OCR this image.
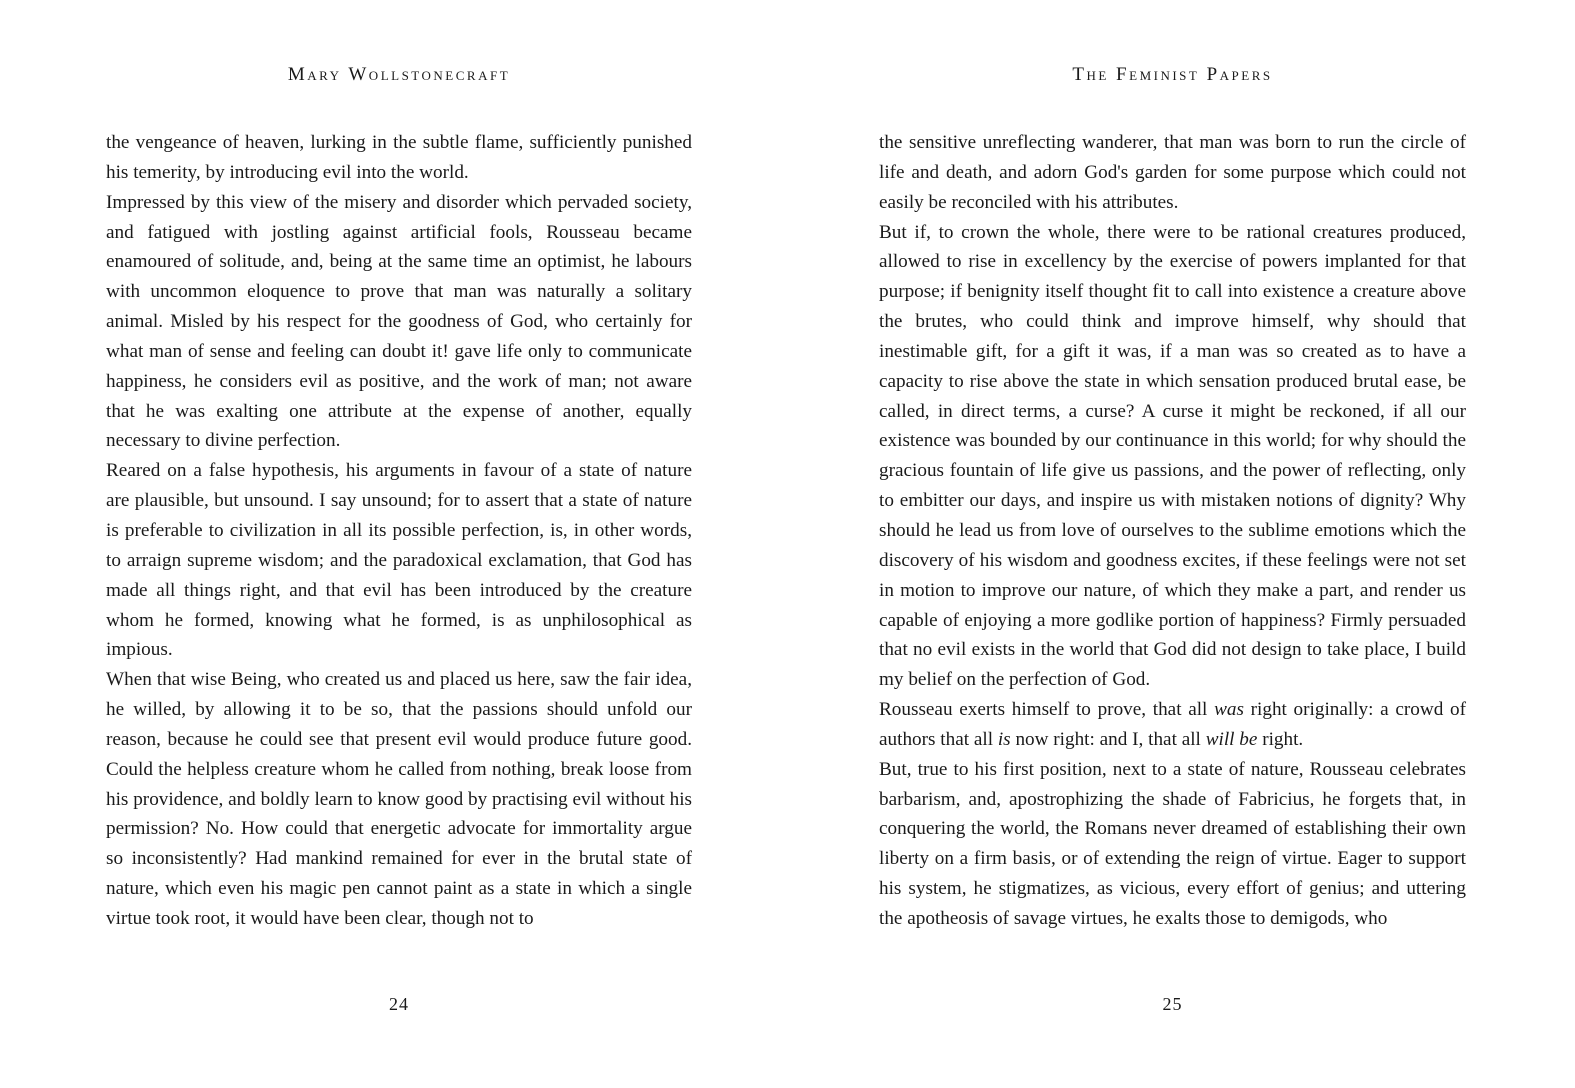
Mary Wollstonecraft

the vengeance of heaven, lurking in the subtle flame, sufficiently punished his temerity, by introducing evil into the world.

Impressed by this view of the misery and disorder which pervaded society, and fatigued with jostling against artificial fools, Rousseau became enamoured of solitude, and, being at the same time an optimist, he labours with uncommon eloquence to prove that man was naturally a solitary animal. Misled by his respect for the goodness of God, who certainly for what man of sense and feeling can doubt it! gave life only to communicate happiness, he considers evil as positive, and the work of man; not aware that he was exalting one attribute at the expense of another, equally necessary to divine perfection.

Reared on a false hypothesis, his arguments in favour of a state of nature are plausible, but unsound. I say unsound; for to assert that a state of nature is preferable to civilization in all its possible perfection, is, in other words, to arraign supreme wisdom; and the paradoxical exclamation, that God has made all things right, and that evil has been introduced by the creature whom he formed, knowing what he formed, is as unphilosophical as impious.

When that wise Being, who created us and placed us here, saw the fair idea, he willed, by allowing it to be so, that the passions should unfold our reason, because he could see that present evil would produce future good. Could the helpless creature whom he called from nothing, break loose from his providence, and boldly learn to know good by practising evil without his permission? No. How could that energetic advocate for immortality argue so inconsistently? Had mankind remained for ever in the brutal state of nature, which even his magic pen cannot paint as a state in which a single virtue took root, it would have been clear, though not to

24
The Feminist Papers

the sensitive unreflecting wanderer, that man was born to run the circle of life and death, and adorn God's garden for some purpose which could not easily be reconciled with his attributes.

But if, to crown the whole, there were to be rational creatures produced, allowed to rise in excellency by the exercise of powers implanted for that purpose; if benignity itself thought fit to call into existence a creature above the brutes, who could think and improve himself, why should that inestimable gift, for a gift it was, if a man was so created as to have a capacity to rise above the state in which sensation produced brutal ease, be called, in direct terms, a curse? A curse it might be reckoned, if all our existence was bounded by our continuance in this world; for why should the gracious fountain of life give us passions, and the power of reflecting, only to embitter our days, and inspire us with mistaken notions of dignity? Why should he lead us from love of ourselves to the sublime emotions which the discovery of his wisdom and goodness excites, if these feelings were not set in motion to improve our nature, of which they make a part, and render us capable of enjoying a more godlike portion of happiness? Firmly persuaded that no evil exists in the world that God did not design to take place, I build my belief on the perfection of God.

Rousseau exerts himself to prove, that all was right originally: a crowd of authors that all is now right: and I, that all will be right.

But, true to his first position, next to a state of nature, Rousseau celebrates barbarism, and, apostrophizing the shade of Fabricius, he forgets that, in conquering the world, the Romans never dreamed of establishing their own liberty on a firm basis, or of extending the reign of virtue. Eager to support his system, he stigmatizes, as vicious, every effort of genius; and uttering the apotheosis of savage virtues, he exalts those to demigods, who

25
